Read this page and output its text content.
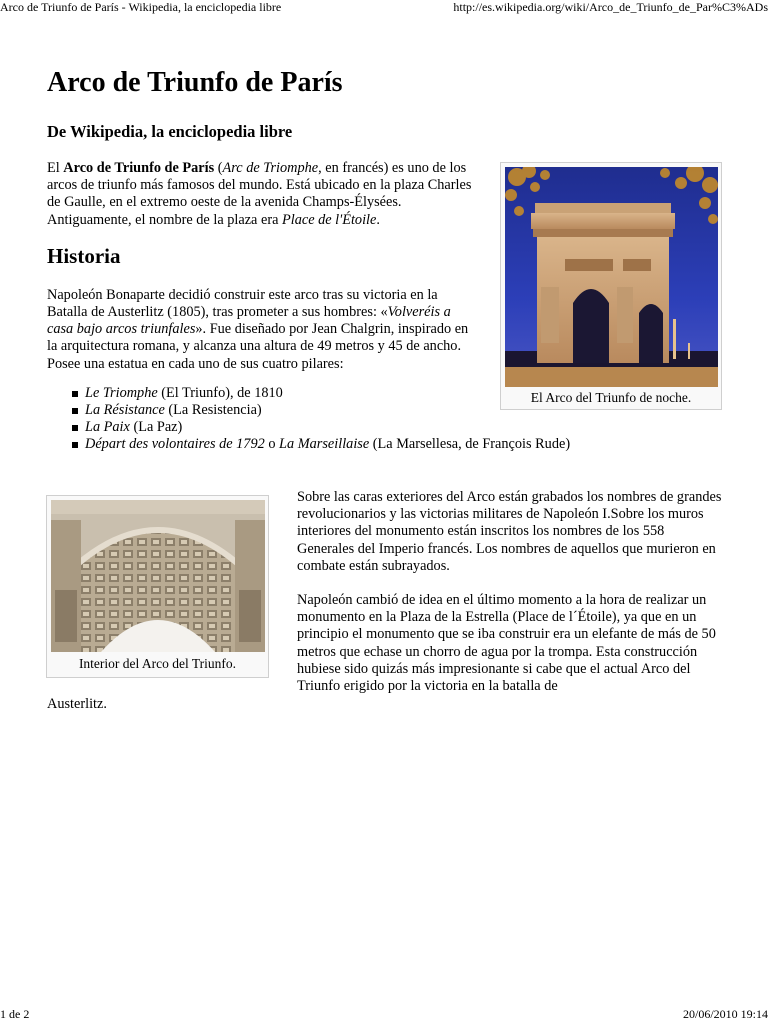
Arco de Triunfo de París - Wikipedia, la enciclopedia libre	http://es.wikipedia.org/wiki/Arco_de_Triunfo_de_Par%C3%ADs
Arco de Triunfo de París
De Wikipedia, la enciclopedia libre

El Arco de Triunfo de París (Arc de Triomphe, en francés) es uno de los arcos de triunfo más famosos del mundo. Está ubicado en la plaza Charles de Gaulle, en el extremo oeste de la avenida Champs-Élysées. Antiguamente, el nombre de la plaza era Place de l'Étoile.

Historia

Napoleón Bonaparte decidió construir este arco tras su victoria en la Batalla de Austerlitz (1805), tras prometer a sus hombres: «Volveréis a casa bajo arcos triunfales». Fue diseñado por Jean Chalgrin, inspirado en la arquitectura romana, y alcanza una altura de 49 metros y 45 de ancho. Posee una estatua en cada uno de sus cuatro pilares:

Le Triomphe (El Triunfo), de 1810
La Résistance (La Resistencia)
La Paix (La Paz)
Départ des volontaires de 1792 o La Marseillaise (La Marsellesa, de François Rude)
El Arco del Triunfo de noche.
Interior del Arco del Triunfo.

Sobre las caras exteriores del Arco están grabados los nombres de grandes revolucionarios y las victorias militares de Napoleón I.Sobre los muros interiores del monumento están inscritos los nombres de los 558 Generales del Imperio francés. Los nombres de aquellos que murieron en combate están subrayados.

Napoleón cambió de idea en el último momento a la hora de realizar un monumento en la Plaza de la Estrella (Place de l´Étoile), ya que en un principio el monumento que se iba construir era un elefante de más de 50 metros que echase un chorro de agua por la trompa. Esta construcción hubiese sido quizás más impresionante si cabe que el actual Arco del Triunfo erigido por la victoria en la batalla de

Austerlitz.
1 de 2	20/06/2010 19:14
